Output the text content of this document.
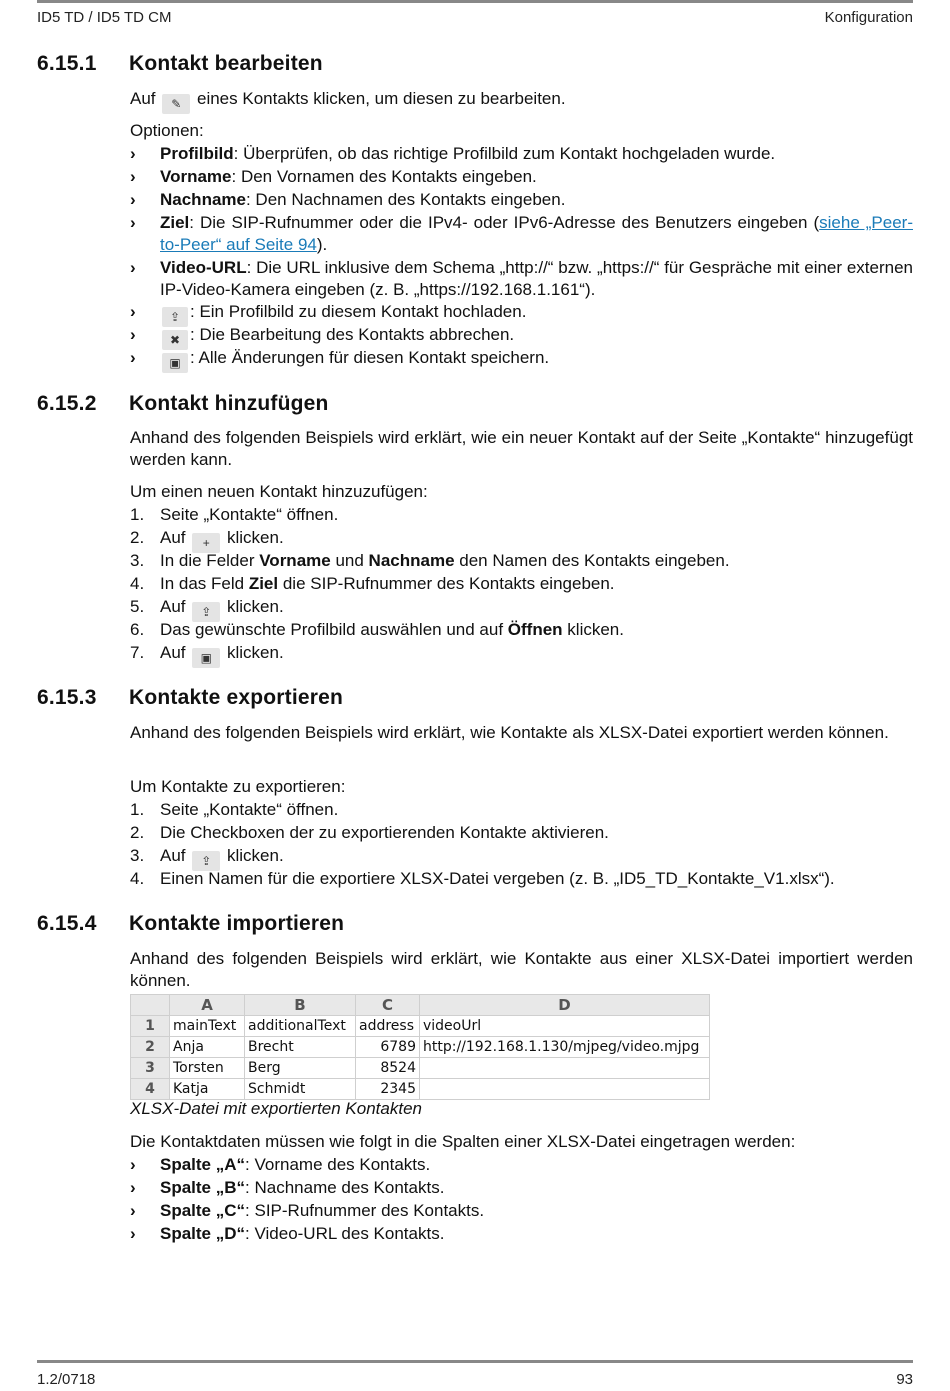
ID5 TD / ID5 TD CM	Konfiguration
6.15.1 Kontakt bearbeiten
Auf ✎ eines Kontakts klicken, um diesen zu bearbeiten.
Optionen:
› Profilbild: Überprüfen, ob das richtige Profilbild zum Kontakt hochgeladen wurde.
› Vorname: Den Vornamen des Kontakts eingeben.
› Nachname: Den Nachnamen des Kontakts eingeben.
› Ziel: Die SIP-Rufnummer oder die IPv4- oder IPv6-Adresse des Benutzers eingeben (siehe „Peer-to-Peer“ auf Seite 94).
› Video-URL: Die URL inklusive dem Schema „http://“ bzw. „https://“ für Gespräche mit einer externen IP-Video-Kamera eingeben (z. B. „https://192.168.1.161“).
›	⇪ : Ein Profilbild zu diesem Kontakt hochladen.
›	✖ : Die Bearbeitung des Kontakts abbrechen.
›	▣ : Alle Änderungen für diesen Kontakt speichern.
6.15.2 Kontakt hinzufügen
Anhand des folgenden Beispiels wird erklärt, wie ein neuer Kontakt auf der Seite „Kontakte“ hinzugefügt werden kann.
Um einen neuen Kontakt hinzuzufügen:
1. Seite „Kontakte“ öffnen.
2. Auf + klicken.
3. In die Felder Vorname und Nachname den Namen des Kontakts eingeben.
4. In das Feld Ziel die SIP-Rufnummer des Kontakts eingeben.
5. Auf ⇪ klicken.
6. Das gewünschte Profilbild auswählen und auf Öffnen klicken.
7. Auf ▣ klicken.
6.15.3 Kontakte exportieren
Anhand des folgenden Beispiels wird erklärt, wie Kontakte als XLSX-Datei exportiert werden können.
Um Kontakte zu exportieren:
1. Seite „Kontakte“ öffnen.
2. Die Checkboxen der zu exportierenden Kontakte aktivieren.
3. Auf ⇪ klicken.
4. Einen Namen für die exportiere XLSX-Datei vergeben (z. B. „ID5_TD_Kontakte_V1.xlsx“).
6.15.4 Kontakte importieren
Anhand des folgenden Beispiels wird erklärt, wie Kontakte aus einer XLSX-Datei importiert werden können.
	A	B	C	D
1	mainText	additionalText	address	videoUrl
2	Anja	Brecht	6789	http://192.168.1.130/mjpeg/video.mjpg
3	Torsten	Berg	8524	
4	Katja	Schmidt	2345	
XLSX-Datei mit exportierten Kontakten
Die Kontaktdaten müssen wie folgt in die Spalten einer XLSX-Datei eingetragen werden:
› Spalte „A“: Vorname des Kontakts.
› Spalte „B“: Nachname des Kontakts.
› Spalte „C“: SIP-Rufnummer des Kontakts.
› Spalte „D“: Video-URL des Kontakts.
1.2/0718	93
